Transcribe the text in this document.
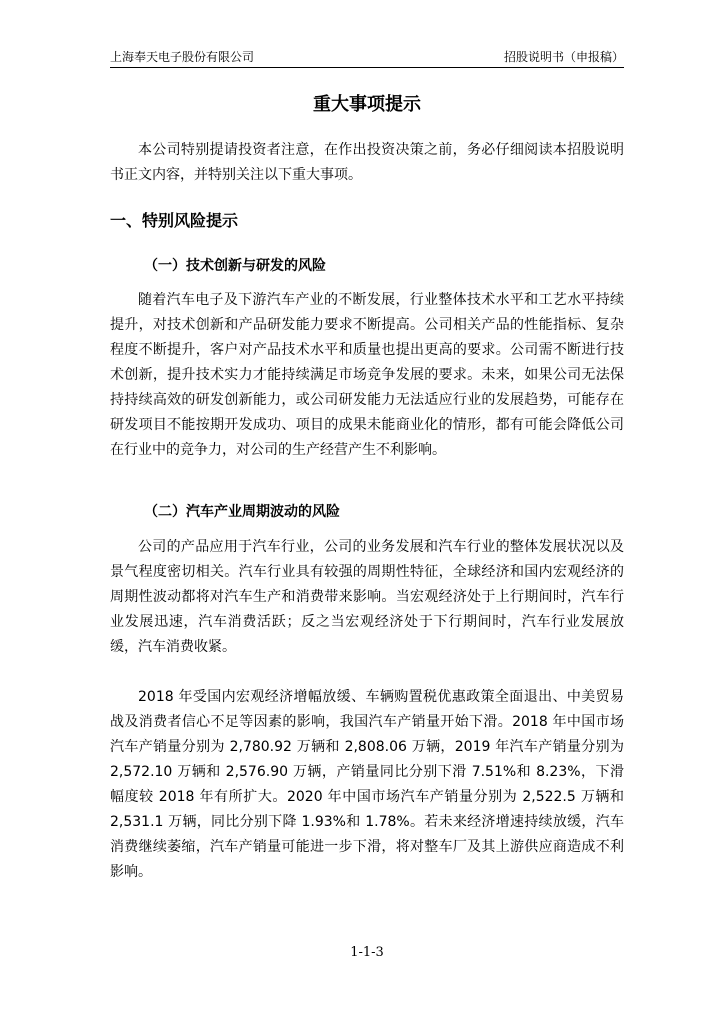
上海奉天电子股份有限公司	招股说明书（申报稿）
重大事项提示

本公司特别提请投资者注意，在作出投资决策之前，务必仔细阅读本招股说明书正文内容，并特别关注以下重大事项。

一、特别风险提示
（一）技术创新与研发的风险

随着汽车电子及下游汽车产业的不断发展，行业整体技术水平和工艺水平持续提升，对技术创新和产品研发能力要求不断提高。公司相关产品的性能指标、复杂程度不断提升，客户对产品技术水平和质量也提出更高的要求。公司需不断进行技术创新，提升技术实力才能持续满足市场竞争发展的要求。未来，如果公司无法保持持续高效的研发创新能力，或公司研发能力无法适应行业的发展趋势，可能存在研发项目不能按期开发成功、项目的成果未能商业化的情形，都有可能会降低公司在行业中的竞争力，对公司的生产经营产生不利影响。

（二）汽车产业周期波动的风险

公司的产品应用于汽车行业，公司的业务发展和汽车行业的整体发展状况以及景气程度密切相关。汽车行业具有较强的周期性特征，全球经济和国内宏观经济的周期性波动都将对汽车生产和消费带来影响。当宏观经济处于上行期间时，汽车行业发展迅速，汽车消费活跃；反之当宏观经济处于下行期间时，汽车行业发展放缓，汽车消费收紧。

2018 年受国内宏观经济增幅放缓、车辆购置税优惠政策全面退出、中美贸易战及消费者信心不足等因素的影响，我国汽车产销量开始下滑。2018 年中国市场汽车产销量分别为 2,780.92 万辆和 2,808.06 万辆，2019 年汽车产销量分别为 2,572.10 万辆和 2,576.90 万辆，产销量同比分别下滑 7.51%和 8.23%，下滑幅度较 2018 年有所扩大。2020 年中国市场汽车产销量分别为 2,522.5 万辆和 2,531.1 万辆，同比分别下降 1.93%和 1.78%。若未来经济增速持续放缓，汽车消费继续萎缩，汽车产销量可能进一步下滑，将对整车厂及其上游供应商造成不利影响。

1-1-3
